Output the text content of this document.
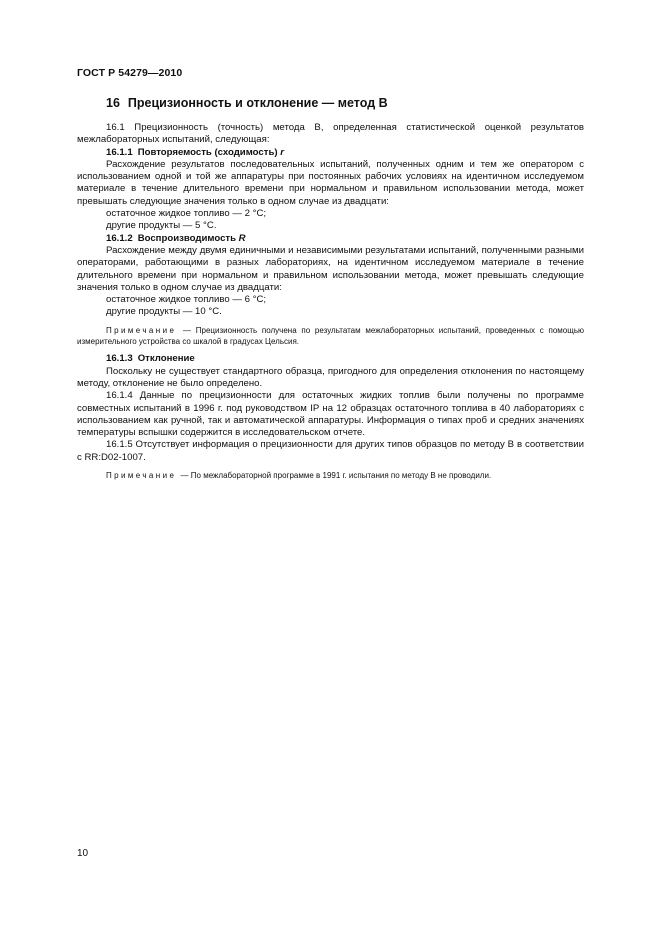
ГОСТ Р 54279—2010
16 Прецизионность и отклонение — метод В

16.1 Прецизионность (точность) метода В, определенная статистической оценкой результатов межлабораторных испытаний, следующая:

16.1.1 Повторяемость (сходимость) r

Расхождение результатов последовательных испытаний, полученных одним и тем же оператором с использованием одной и той же аппаратуры при постоянных рабочих условиях на идентичном исследуемом материале в течение длительного времени при нормальном и правильном использовании метода, может превышать следующие значения только в одном случае из двадцати:

остаточное жидкое топливо — 2 °С;

другие продукты — 5 °С.

16.1.2 Воспроизводимость R

Расхождение между двумя единичными и независимыми результатами испытаний, полученными разными операторами, работающими в разных лабораториях, на идентичном исследуемом материале в течение длительного времени при нормальном и правильном использовании метода, может превышать следующие значения только в одном случае из двадцати:

остаточное жидкое топливо — 6 °С;

другие продукты — 10 °С.

Примечание — Прецизионность получена по результатам межлабораторных испытаний, проведенных с помощью измерительного устройства со шкалой в градусах Цельсия.

16.1.3 Отклонение

Поскольку не существует стандартного образца, пригодного для определения отклонения по настоящему методу, отклонение не было определено.

16.1.4 Данные по прецизионности для остаточных жидких топлив были получены по программе совместных испытаний в 1996 г. под руководством IP на 12 образцах остаточного топлива в 40 лабораториях с использованием как ручной, так и автоматической аппаратуры. Информация о типах проб и средних значениях температуры вспышки содержится в исследовательском отчете.

16.1.5 Отсутствует информация о прецизионности для других типов образцов по методу В в соответствии с RR:D02-1007.

Примечание — По межлабораторной программе в 1991 г. испытания по методу В не проводили.

10
